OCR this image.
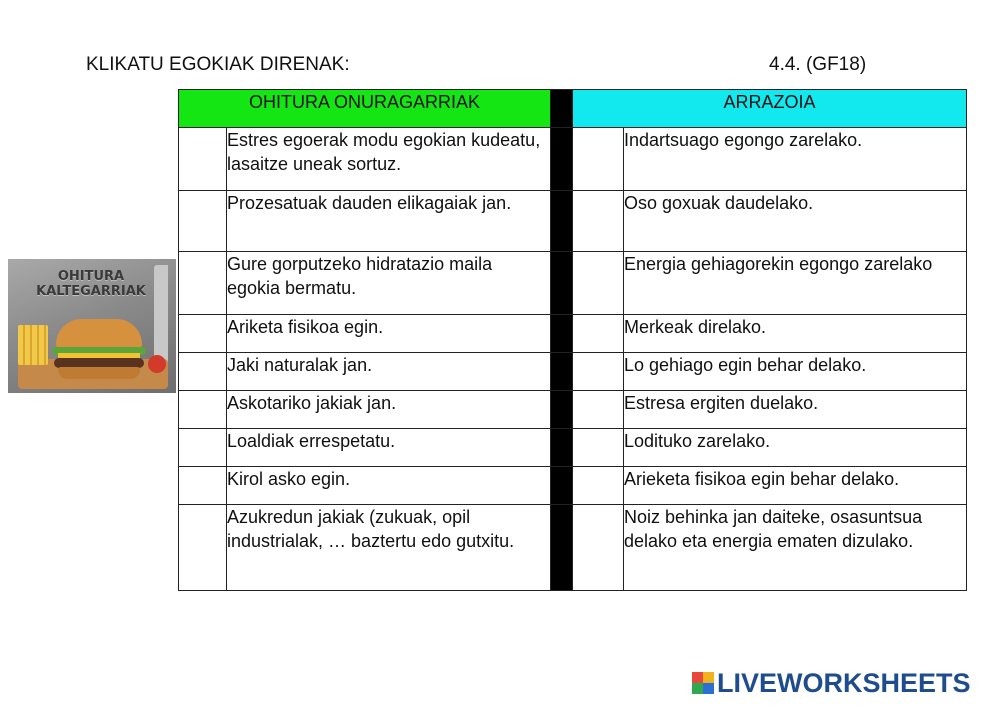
KLIKATU EGOKIAK DIRENAK:	4.4. (GF18)
OHITURA
KALTEGARRIAK
OHITURA ONURAGARRIAK			ARRAZOIA	

	Estres egoerak modu egokian kudeatu, lasaitze uneak sortuz.			Indartsuago egongo zarelako.

	Prozesatuak dauden elikagaiak jan.			Oso goxuak daudelako.

	Gure gorputzeko hidratazio maila egokia bermatu.			Energia gehiagorekin egongo zarelako

	Ariketa fisikoa egin.			Merkeak direlako.

	Jaki naturalak jan.			Lo gehiago egin behar delako.

	Askotariko jakiak jan.			Estresa ergiten duelako.

	Loaldiak errespetatu.			Lodituko zarelako.

	Kirol asko egin.			Arieketa fisikoa egin behar delako.

	Azukredun jakiak (zukuak, opil industrialak, … baztertu edo gutxitu.			Noiz behinka jan daiteke, osasuntsua delako eta energia ematen dizulako.
LIVEWORKSHEETS
